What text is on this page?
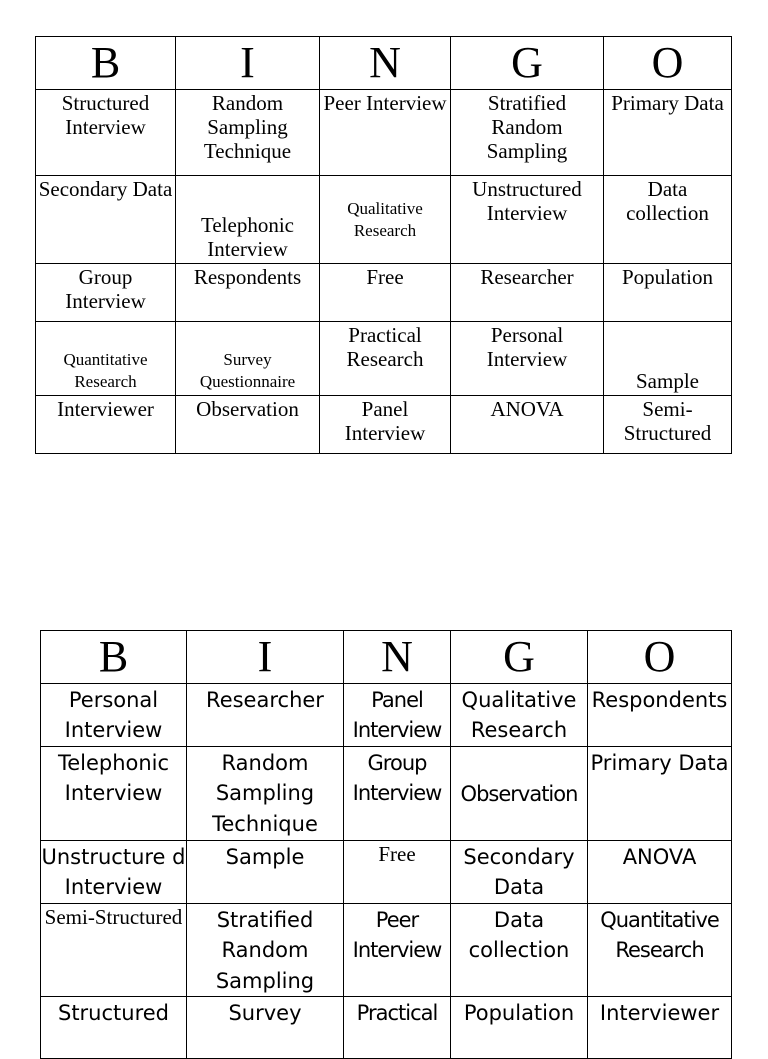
B	I	N	G	O
Structured Interview	Random Sampling Technique	Peer Interview	Stratified Random Sampling	Primary Data
Secondary Data	Telephonic Interview	Qualitative Research	Unstructured Interview	Data collection
Group Interview	Respondents	Free	Researcher	Population
Quantitative Research	Survey Questionnaire	Practical Research	Personal Interview	Sample
Interviewer	Observation	Panel Interview	ANOVA	Semi-Structured
B	I	N	G	O
Personal Interview	Researcher	Panel Interview	Qualitative Research	Respondents
Telephonic Interview	Random Sampling Technique	Group Interview	Observation	Primary Data
Unstructure d Interview	Sample	Free	Secondary Data	ANOVA
Semi-Structured	Stratified Random Sampling	Peer Interview	Data collection	Quantitative Research
Structured	Survey	Practical	Population	Interviewer
